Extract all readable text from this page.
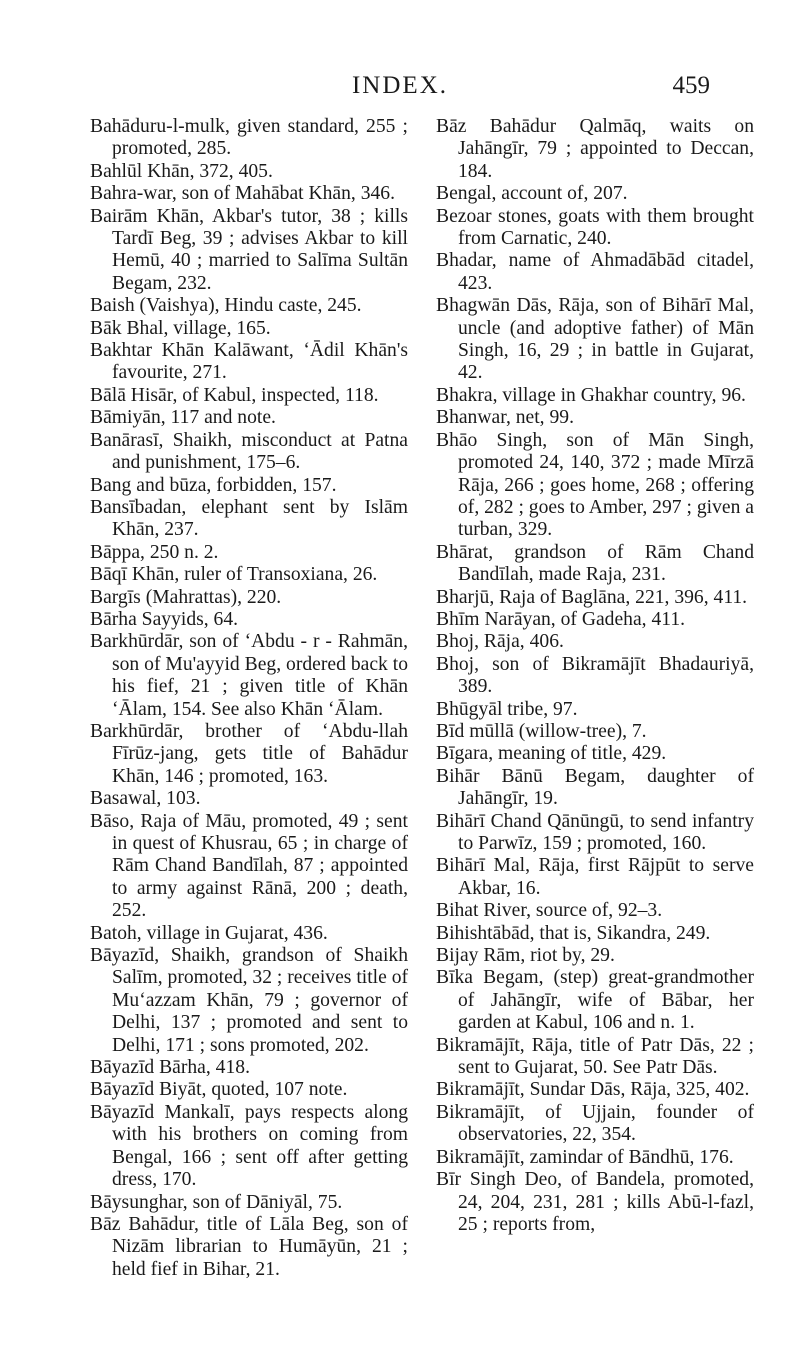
INDEX.	459

Bahāduru-l-mulk, given standard, 255 ; promoted, 285.

Bahlūl Khān, 372, 405.

Bahra-war, son of Mahābat Khān, 346.

Bairām Khān, Akbar's tutor, 38 ; kills Tardī Beg, 39 ; advises Akbar to kill Hemū, 40 ; married to Salīma Sultān Begam, 232.

Baish (Vaishya), Hindu caste, 245.

Bāk Bhal, village, 165.

Bakhtar Khān Kalāwant, ‘Ādil Khān's favourite, 271.

Bālā Hisār, of Kabul, inspected, 118.

Bāmiyān, 117 and note.

Banārasī, Shaikh, misconduct at Patna and punishment, 175–6.

Bang and būza, forbidden, 157.

Bansībadan, elephant sent by Islām Khān, 237.

Bāppa, 250 n. 2.

Bāqī Khān, ruler of Transoxiana, 26.

Bargīs (Mahrattas), 220.

Bārha Sayyids, 64.

Barkhūrdār, son of ‘Abdu - r - Rahmān, son of Mu'ayyid Beg, ordered back to his fief, 21 ; given title of Khān ‘Ālam, 154. See also Khān ‘Ālam.

Barkhūrdār, brother of ‘Abdu-llah Fīrūz-jang, gets title of Bahādur Khān, 146 ; promoted, 163.

Basawal, 103.

Bāso, Raja of Māu, promoted, 49 ; sent in quest of Khusrau, 65 ; in charge of Rām Chand Bandīlah, 87 ; appointed to army against Rānā, 200 ; death, 252.

Batoh, village in Gujarat, 436.

Bāyazīd, Shaikh, grandson of Shaikh Salīm, promoted, 32 ; receives title of Mu‘azzam Khān, 79 ; governor of Delhi, 137 ; promoted and sent to Delhi, 171 ; sons promoted, 202.

Bāyazīd Bārha, 418.

Bāyazīd Biyāt, quoted, 107 note.

Bāyazīd Mankalī, pays respects along with his brothers on coming from Bengal, 166 ; sent off after getting dress, 170.

Bāysunghar, son of Dāniyāl, 75.

Bāz Bahādur, title of Lāla Beg, son of Nizām librarian to Humāyūn, 21 ; held fief in Bihar, 21.

Bāz Bahādur Qalmāq, waits on Jahāngīr, 79 ; appointed to Deccan, 184.

Bengal, account of, 207.

Bezoar stones, goats with them brought from Carnatic, 240.

Bhadar, name of Ahmadābād citadel, 423.

Bhagwān Dās, Rāja, son of Bihārī Mal, uncle (and adoptive father) of Mān Singh, 16, 29 ; in battle in Gujarat, 42.

Bhakra, village in Ghakhar country, 96.

Bhanwar, net, 99.

Bhāo Singh, son of Mān Singh, promoted 24, 140, 372 ; made Mīrzā Rāja, 266 ; goes home, 268 ; offering of, 282 ; goes to Amber, 297 ; given a turban, 329.

Bhārat, grandson of Rām Chand Bandīlah, made Raja, 231.

Bharjū, Raja of Baglāna, 221, 396, 411.

Bhīm Narāyan, of Gadeha, 411.

Bhoj, Rāja, 406.

Bhoj, son of Bikramājīt Bhadauriyā, 389.

Bhūgyāl tribe, 97.

Bīd mūllā (willow-tree), 7.

Bīgara, meaning of title, 429.

Bihār Bānū Begam, daughter of Jahāngīr, 19.

Bihārī Chand Qānūngū, to send infantry to Parwīz, 159 ; promoted, 160.

Bihārī Mal, Rāja, first Rājpūt to serve Akbar, 16.

Bihat River, source of, 92–3.

Bihishtābād, that is, Sikandra, 249.

Bijay Rām, riot by, 29.

Bīka Begam, (step) great-grandmother of Jahāngīr, wife of Bābar, her garden at Kabul, 106 and n. 1.

Bikramājīt, Rāja, title of Patr Dās, 22 ; sent to Gujarat, 50. See Patr Dās.

Bikramājīt, Sundar Dās, Rāja, 325, 402.

Bikramājīt, of Ujjain, founder of observatories, 22, 354.

Bikramājīt, zamindar of Bāndhū, 176.

Bīr Singh Deo, of Bandela, promoted, 24, 204, 231, 281 ; kills Abū-l-fazl, 25 ; reports from,
